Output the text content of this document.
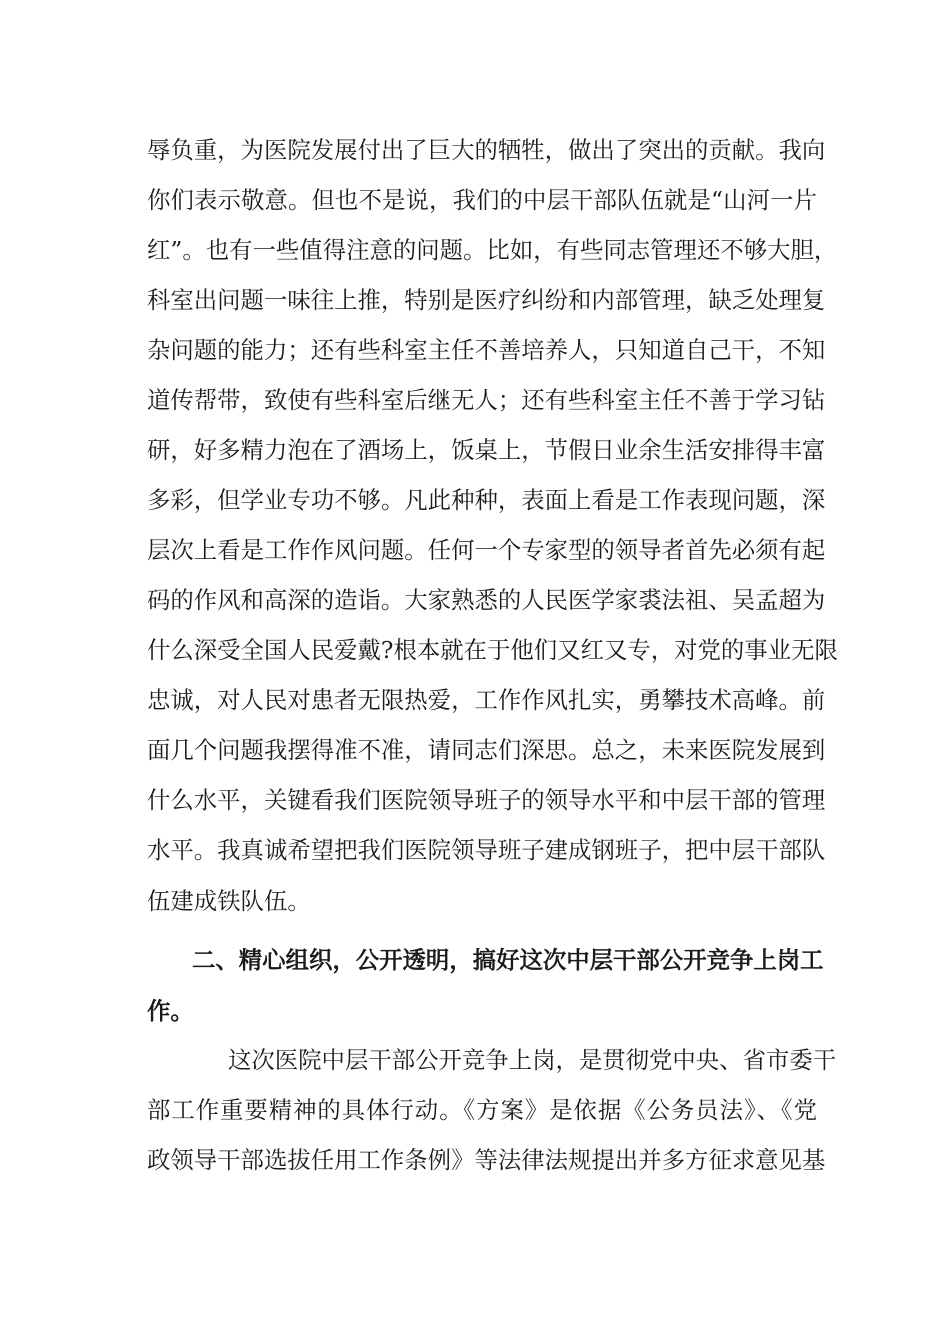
辱负重，为医院发展付出了巨大的牺牲，做出了突出的贡献。我向
你们表示敬意。但也不是说，我们的中层干部队伍就是“山河一片
红”。也有一些值得注意的问题。比如，有些同志管理还不够大胆，
科室出问题一味往上推，特别是医疗纠纷和内部管理，缺乏处理复
杂问题的能力；还有些科室主任不善培养人，只知道自己干，不知
道传帮带，致使有些科室后继无人；还有些科室主任不善于学习钻
研，好多精力泡在了酒场上，饭桌上，节假日业余生活安排得丰富
多彩，但学业专功不够。凡此种种，表面上看是工作表现问题，深
层次上看是工作作风问题。任何一个专家型的领导者首先必须有起
码的作风和高深的造诣。大家熟悉的人民医学家裘法祖、吴孟超为
什么深受全国人民爱戴?根本就在于他们又红又专，对党的事业无限
忠诚，对人民对患者无限热爱，工作作风扎实，勇攀技术高峰。前
面几个问题我摆得准不准，请同志们深思。总之，未来医院发展到
什么水平，关键看我们医院领导班子的领导水平和中层干部的管理
水平。我真诚希望把我们医院领导班子建成钢班子，把中层干部队
伍建成铁队伍。
二、精心组织，公开透明，搞好这次中层干部公开竞争上岗工
作。
这次医院中层干部公开竞争上岗，是贯彻党中央、省市委干
部工作重要精神的具体行动。《方案》是依据《公务员法》、《党
政领导干部选拔任用工作条例》等法律法规提出并多方征求意见基
